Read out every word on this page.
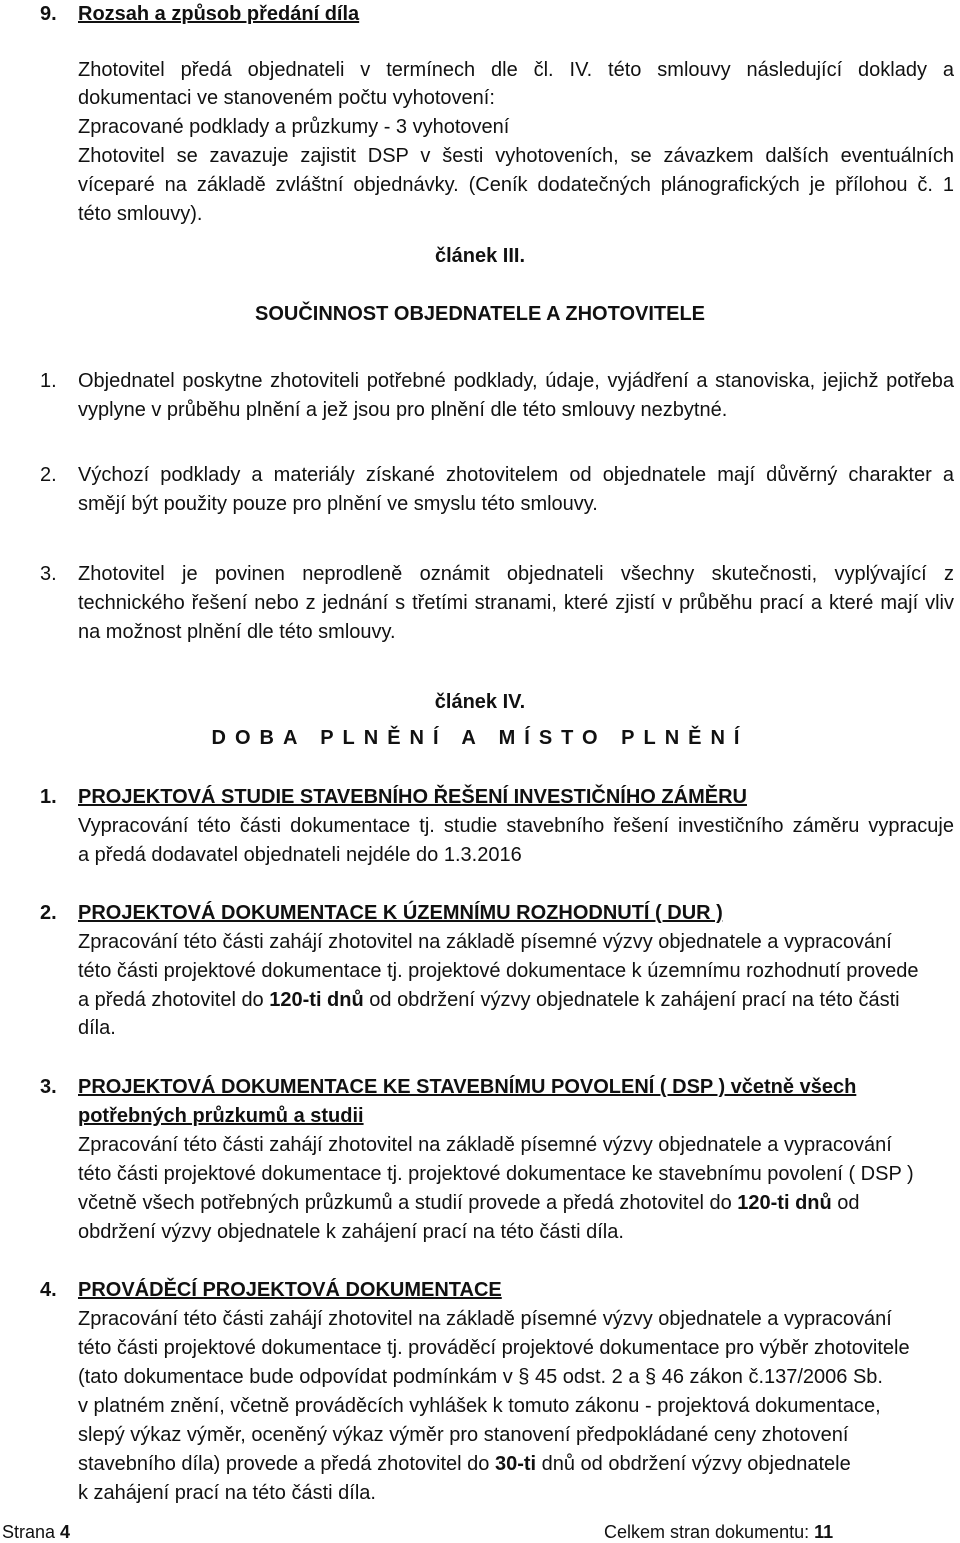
9. Rozsah a způsob předání díla
Zhotovitel předá objednateli v termínech dle čl. IV. této smlouvy následující doklady a
dokumentaci ve stanoveném počtu vyhotovení:
Zpracované podklady a průzkumy - 3 vyhotovení
Zhotovitel se zavazuje zajistit DSP v šesti vyhotoveních, se závazkem dalších eventuálních
víceparé na základě zvláštní objednávky. (Ceník dodatečných plánografických je přílohou č. 1
této smlouvy).
článek III.
SOUČINNOST OBJEDNATELE A ZHOTOVITELE
1. Objednatel poskytne zhotoviteli potřebné podklady, údaje, vyjádření a stanoviska, jejichž potřeba
vyplyne v průběhu plnění a jež jsou pro plnění dle této smlouvy nezbytné.
2. Výchozí podklady a materiály získané zhotovitelem od objednatele mají důvěrný charakter a
smějí být použity pouze pro plnění ve smyslu této smlouvy.
3. Zhotovitel je povinen neprodleně oznámit objednateli všechny skutečnosti, vyplývající z
technického řešení nebo z jednání s třetími stranami, které zjistí v průběhu prací a které mají vliv
na možnost plnění dle této smlouvy.
článek IV.
DOBA PLNĚNÍ A MÍSTO PLNĚNÍ
1. PROJEKTOVÁ STUDIE STAVEBNÍHO ŘEŠENÍ INVESTIČNÍHO ZÁMĚRU
Vypracování této části dokumentace tj. studie stavebního řešení investičního záměru vypracuje
a předá dodavatel objednateli nejdéle do 1.3.2016
2. PROJEKTOVÁ DOKUMENTACE K ÚZEMNÍMU ROZHODNUTÍ ( DUR )
Zpracování této části zahájí zhotovitel na základě písemné výzvy objednatele a vypracování
této části projektové dokumentace tj. projektové dokumentace k územnímu rozhodnutí provede
a předá zhotovitel do 120-ti dnů od obdržení výzvy objednatele k zahájení prací na této části
díla.
3. PROJEKTOVÁ DOKUMENTACE KE STAVEBNÍMU POVOLENÍ ( DSP ) včetně všech
potřebných průzkumů a studii
Zpracování této části zahájí zhotovitel na základě písemné výzvy objednatele a vypracování
této části projektové dokumentace tj. projektové dokumentace ke stavebnímu povolení ( DSP )
včetně všech potřebných průzkumů a studií provede a předá zhotovitel do 120-ti dnů od
obdržení výzvy objednatele k zahájení prací na této části díla.
4. PROVÁDĚCÍ PROJEKTOVÁ DOKUMENTACE
Zpracování této části zahájí zhotovitel na základě písemné výzvy objednatele a vypracování
této části projektové dokumentace tj. prováděcí projektové dokumentace pro výběr zhotovitele
(tato dokumentace bude odpovídat podmínkám v § 45 odst. 2 a § 46 zákon č.137/2006 Sb.
v platném znění, včetně prováděcích vyhlášek k tomuto zákonu - projektová dokumentace,
slepý výkaz výměr, oceněný výkaz výměr pro stanovení předpokládané ceny zhotovení
stavebního díla) provede a předá zhotovitel do 30-ti dnů od obdržení výzvy objednatele
k zahájení prací na této části díla.
Strana 4	Celkem stran dokumentu: 11
